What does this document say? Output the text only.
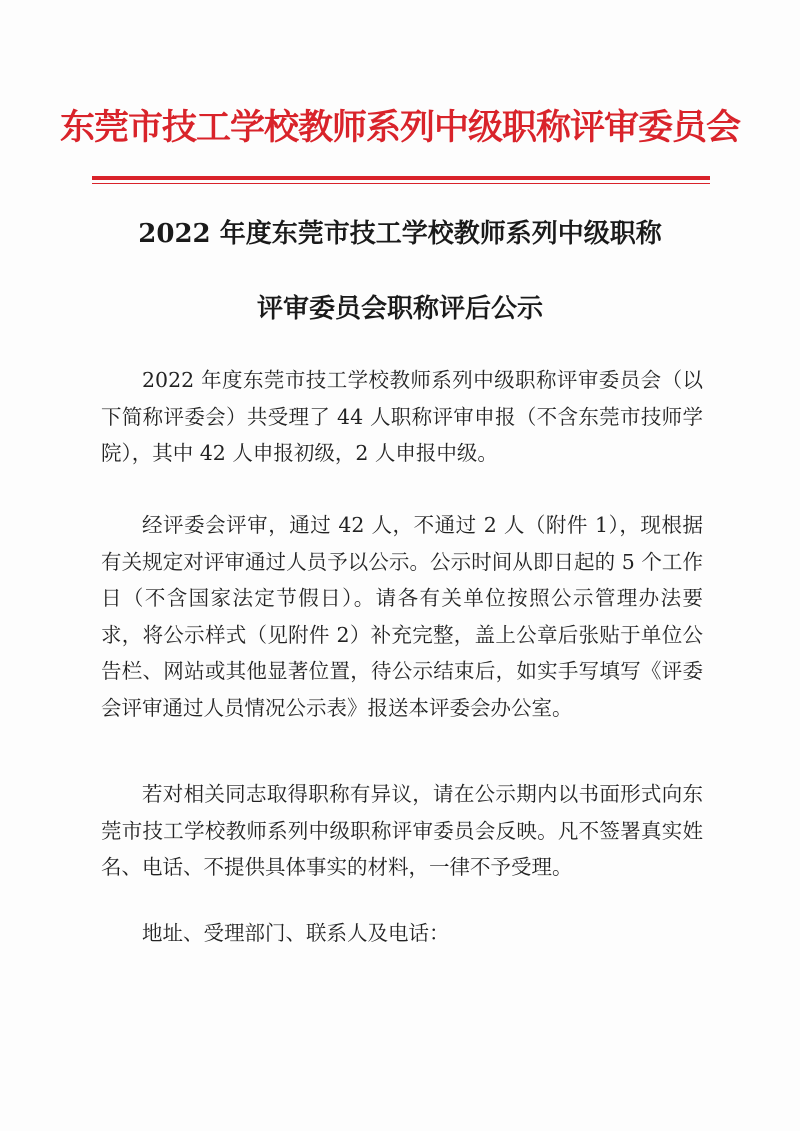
东莞市技工学校教师系列中级职称评审委员会
2022 年度东莞市技工学校教师系列中级职称
评审委员会职称评后公示

2022 年度东莞市技工学校教师系列中级职称评审委员会（以下简称评委会）共受理了 44 人职称评审申报（不含东莞市技师学院），其中 42 人申报初级，2 人申报中级。

经评委会评审，通过 42 人，不通过 2 人（附件 1），现根据有关规定对评审通过人员予以公示。公示时间从即日起的 5 个工作日（不含国家法定节假日）。请各有关单位按照公示管理办法要求，将公示样式（见附件 2）补充完整，盖上公章后张贴于单位公告栏、网站或其他显著位置，待公示结束后，如实手写填写《评委会评审通过人员情况公示表》报送本评委会办公室。

若对相关同志取得职称有异议，请在公示期内以书面形式向东莞市技工学校教师系列中级职称评审委员会反映。凡不签署真实姓名、电话、不提供具体事实的材料，一律不予受理。

地址、受理部门、联系人及电话：
